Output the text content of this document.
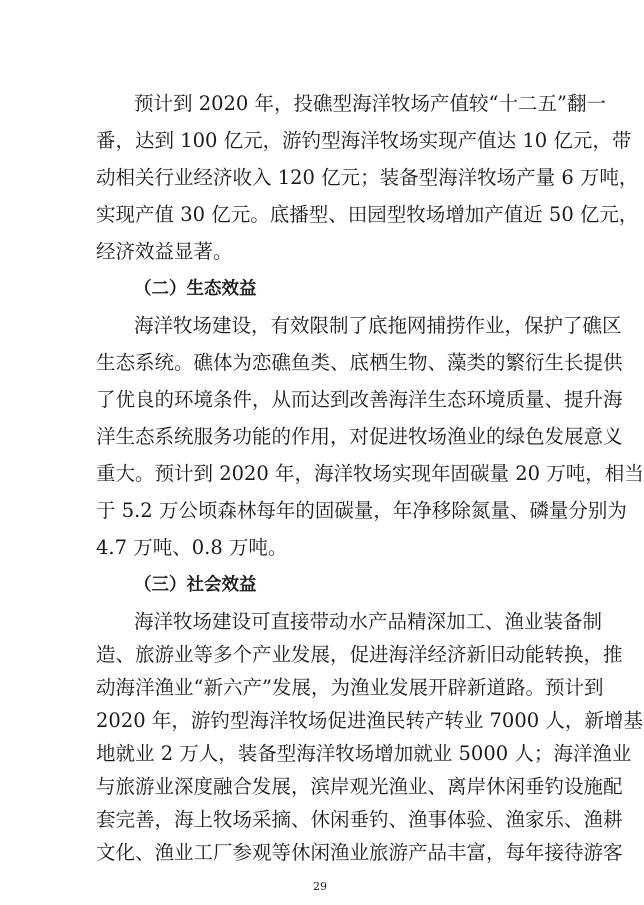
预计到 2020 年，投礁型海洋牧场产值较“十二五”翻一
番，达到 100 亿元，游钓型海洋牧场实现产值达 10 亿元，带
动相关行业经济收入 120 亿元；装备型海洋牧场产量 6 万吨，
实现产值 30 亿元。底播型、田园型牧场增加产值近 50 亿元，
经济效益显著。
（二）生态效益
海洋牧场建设，有效限制了底拖网捕捞作业，保护了礁区
生态系统。礁体为恋礁鱼类、底栖生物、藻类的繁衍生长提供
了优良的环境条件，从而达到改善海洋生态环境质量、提升海
洋生态系统服务功能的作用，对促进牧场渔业的绿色发展意义
重大。预计到 2020 年，海洋牧场实现年固碳量 20 万吨，相当
于 5.2 万公顷森林每年的固碳量，年净移除氮量、磷量分别为
4.7 万吨、0.8 万吨。
（三）社会效益
海洋牧场建设可直接带动水产品精深加工、渔业装备制
造、旅游业等多个产业发展，促进海洋经济新旧动能转换，推
动海洋渔业“新六产”发展，为渔业发展开辟新道路。预计到
2020 年，游钓型海洋牧场促进渔民转产转业 7000 人，新增基
地就业 2 万人，装备型海洋牧场增加就业 5000 人；海洋渔业
与旅游业深度融合发展，滨岸观光渔业、离岸休闲垂钓设施配
套完善，海上牧场采摘、休闲垂钓、渔事体验、渔家乐、渔耕
29
文化、渔业工厂参观等休闲渔业旅游产品丰富，每年接待游客
